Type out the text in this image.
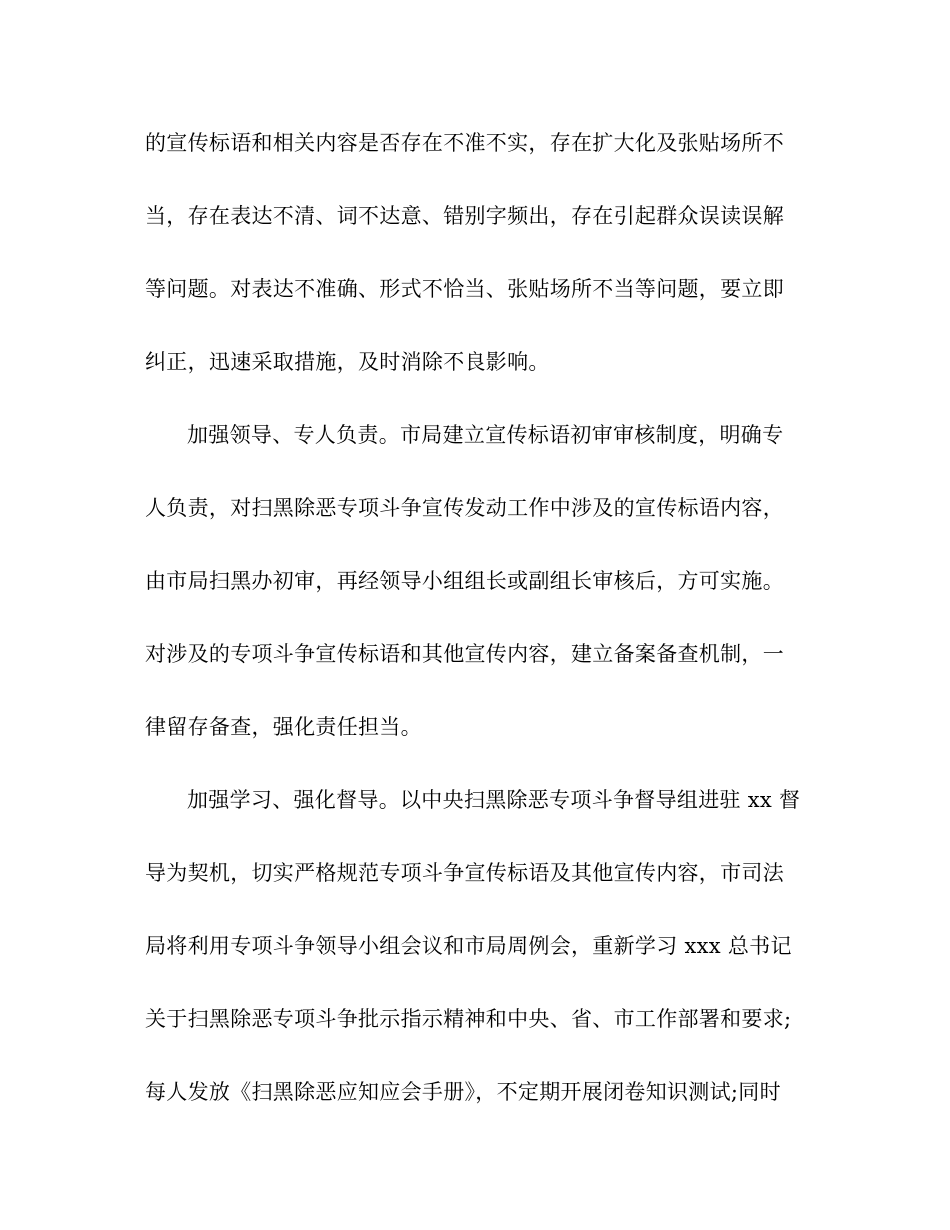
的宣传标语和相关内容是否存在不准不实，存在扩大化及张贴场所不
当，存在表达不清、词不达意、错别字频出，存在引起群众误读误解
等问题。对表达不准确、形式不恰当、张贴场所不当等问题，要立即
纠正，迅速采取措施，及时消除不良影响。
加强领导、专人负责。市局建立宣传标语初审审核制度，明确专
人负责，对扫黑除恶专项斗争宣传发动工作中涉及的宣传标语内容，
由市局扫黑办初审，再经领导小组组长或副组长审核后，方可实施。
对涉及的专项斗争宣传标语和其他宣传内容，建立备案备查机制，一
律留存备查，强化责任担当。
加强学习、强化督导。以中央扫黑除恶专项斗争督导组进驻 xx 督
导为契机，切实严格规范专项斗争宣传标语及其他宣传内容，市司法
局将利用专项斗争领导小组会议和市局周例会，重新学习 xxx 总书记
关于扫黑除恶专项斗争批示指示精神和中央、省、市工作部署和要求;
每人发放《扫黑除恶应知应会手册》，不定期开展闭卷知识测试;同时
